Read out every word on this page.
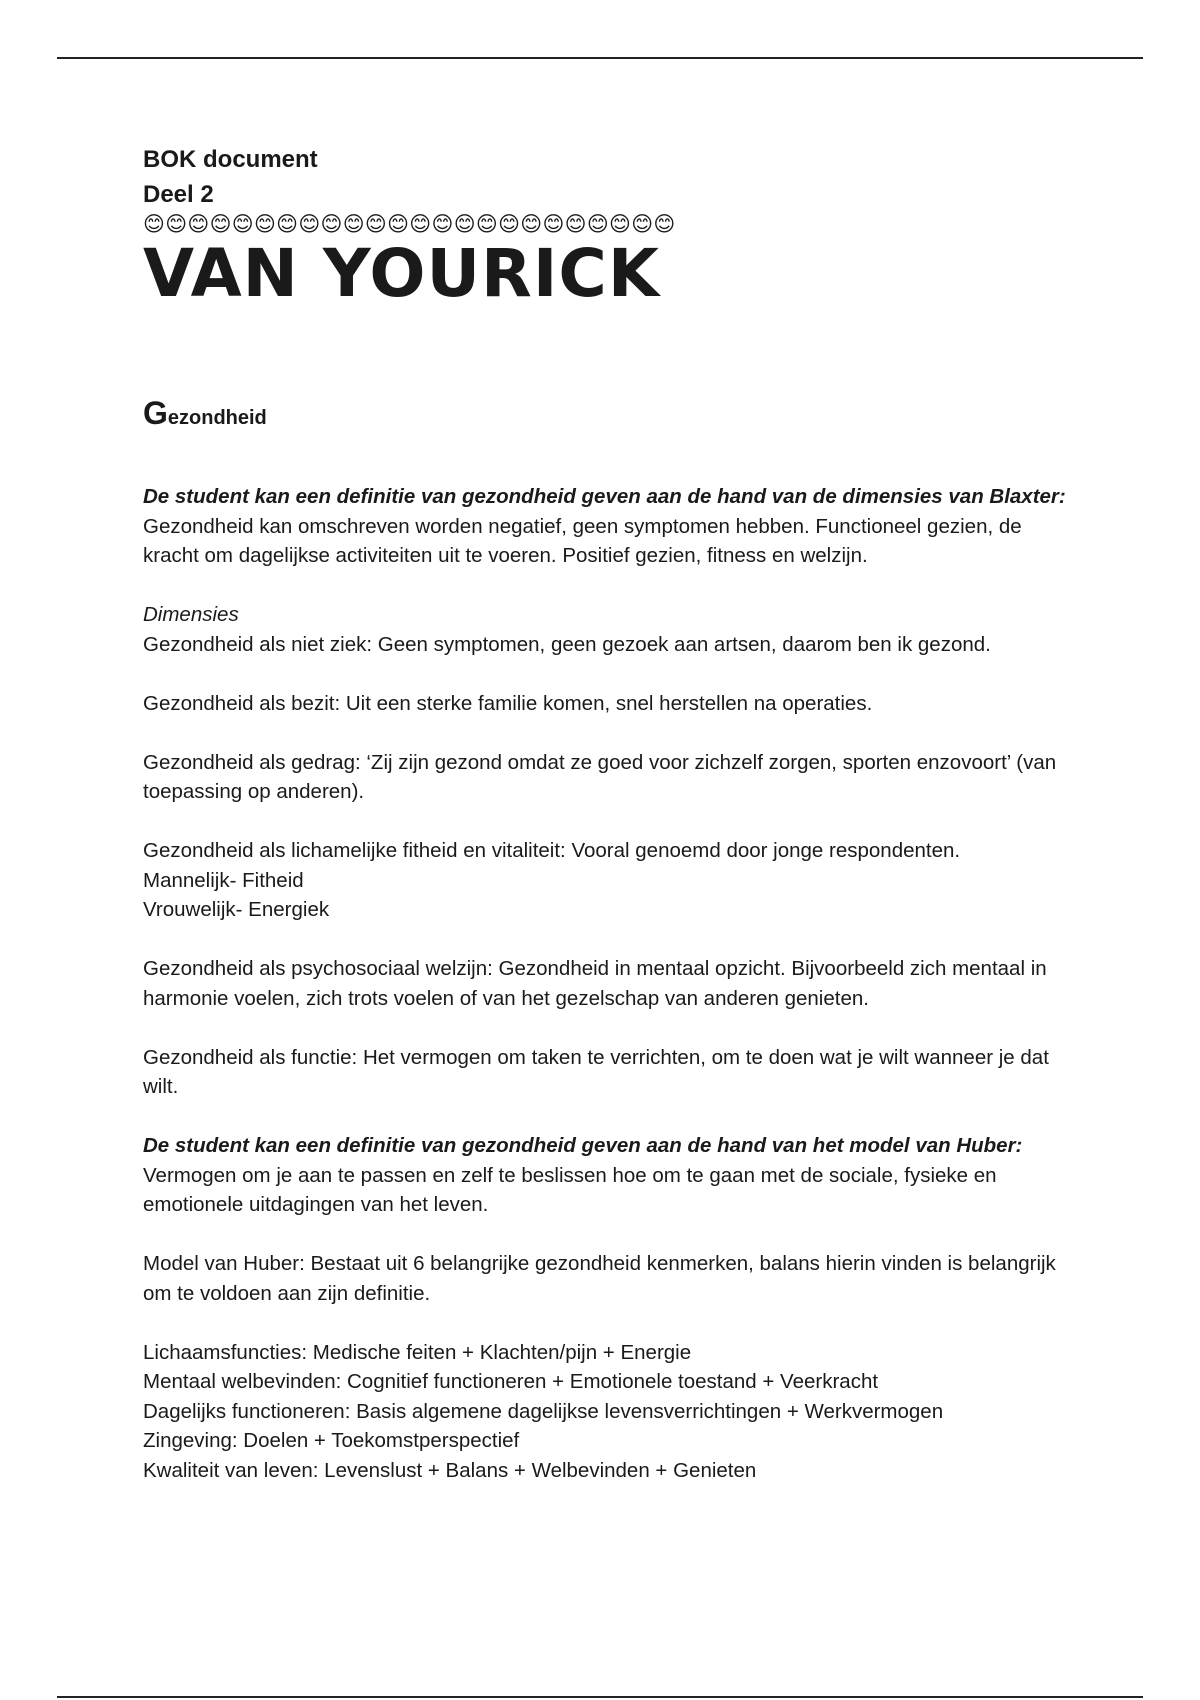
BOK document

Deel 2

😊😊😊😊😊😊😊😊😊😊😊😊😊😊😊😊😊😊😊😊😊😊😊😊

VAN YOURICK

Gezondheid

De student kan een definitie van gezondheid geven aan de hand van de dimensies van Blaxter:

Gezondheid kan omschreven worden negatief, geen symptomen hebben. Functioneel gezien, de kracht om dagelijkse activiteiten uit te voeren. Positief gezien, fitness en welzijn.

Dimensies

Gezondheid als niet ziek: Geen symptomen, geen gezoek aan artsen, daarom ben ik gezond.

Gezondheid als bezit: Uit een sterke familie komen, snel herstellen na operaties.

Gezondheid als gedrag: ‘Zij zijn gezond omdat ze goed voor zichzelf zorgen, sporten enzovoort’ (van toepassing op anderen).

Gezondheid als lichamelijke fitheid en vitaliteit: Vooral genoemd door jonge respondenten.

Mannelijk- Fitheid

Vrouwelijk- Energiek

Gezondheid als psychosociaal welzijn: Gezondheid in mentaal opzicht. Bijvoorbeeld zich mentaal in harmonie voelen, zich trots voelen of van het gezelschap van anderen genieten.

Gezondheid als functie: Het vermogen om taken te verrichten, om te doen wat je wilt wanneer je dat wilt.

De student kan een definitie van gezondheid geven aan de hand van het model van Huber:

Vermogen om je aan te passen en zelf te beslissen hoe om te gaan met de sociale, fysieke en emotionele uitdagingen van het leven.

Model van Huber: Bestaat uit 6 belangrijke gezondheid kenmerken, balans hierin vinden is belangrijk om te voldoen aan zijn definitie.

Lichaamsfuncties: Medische feiten + Klachten/pijn + Energie

Mentaal welbevinden: Cognitief functioneren + Emotionele toestand + Veerkracht

Dagelijks functioneren: Basis algemene dagelijkse levensverrichtingen + Werkvermogen

Zingeving: Doelen + Toekomstperspectief

Kwaliteit van leven: Levenslust + Balans + Welbevinden + Genieten
